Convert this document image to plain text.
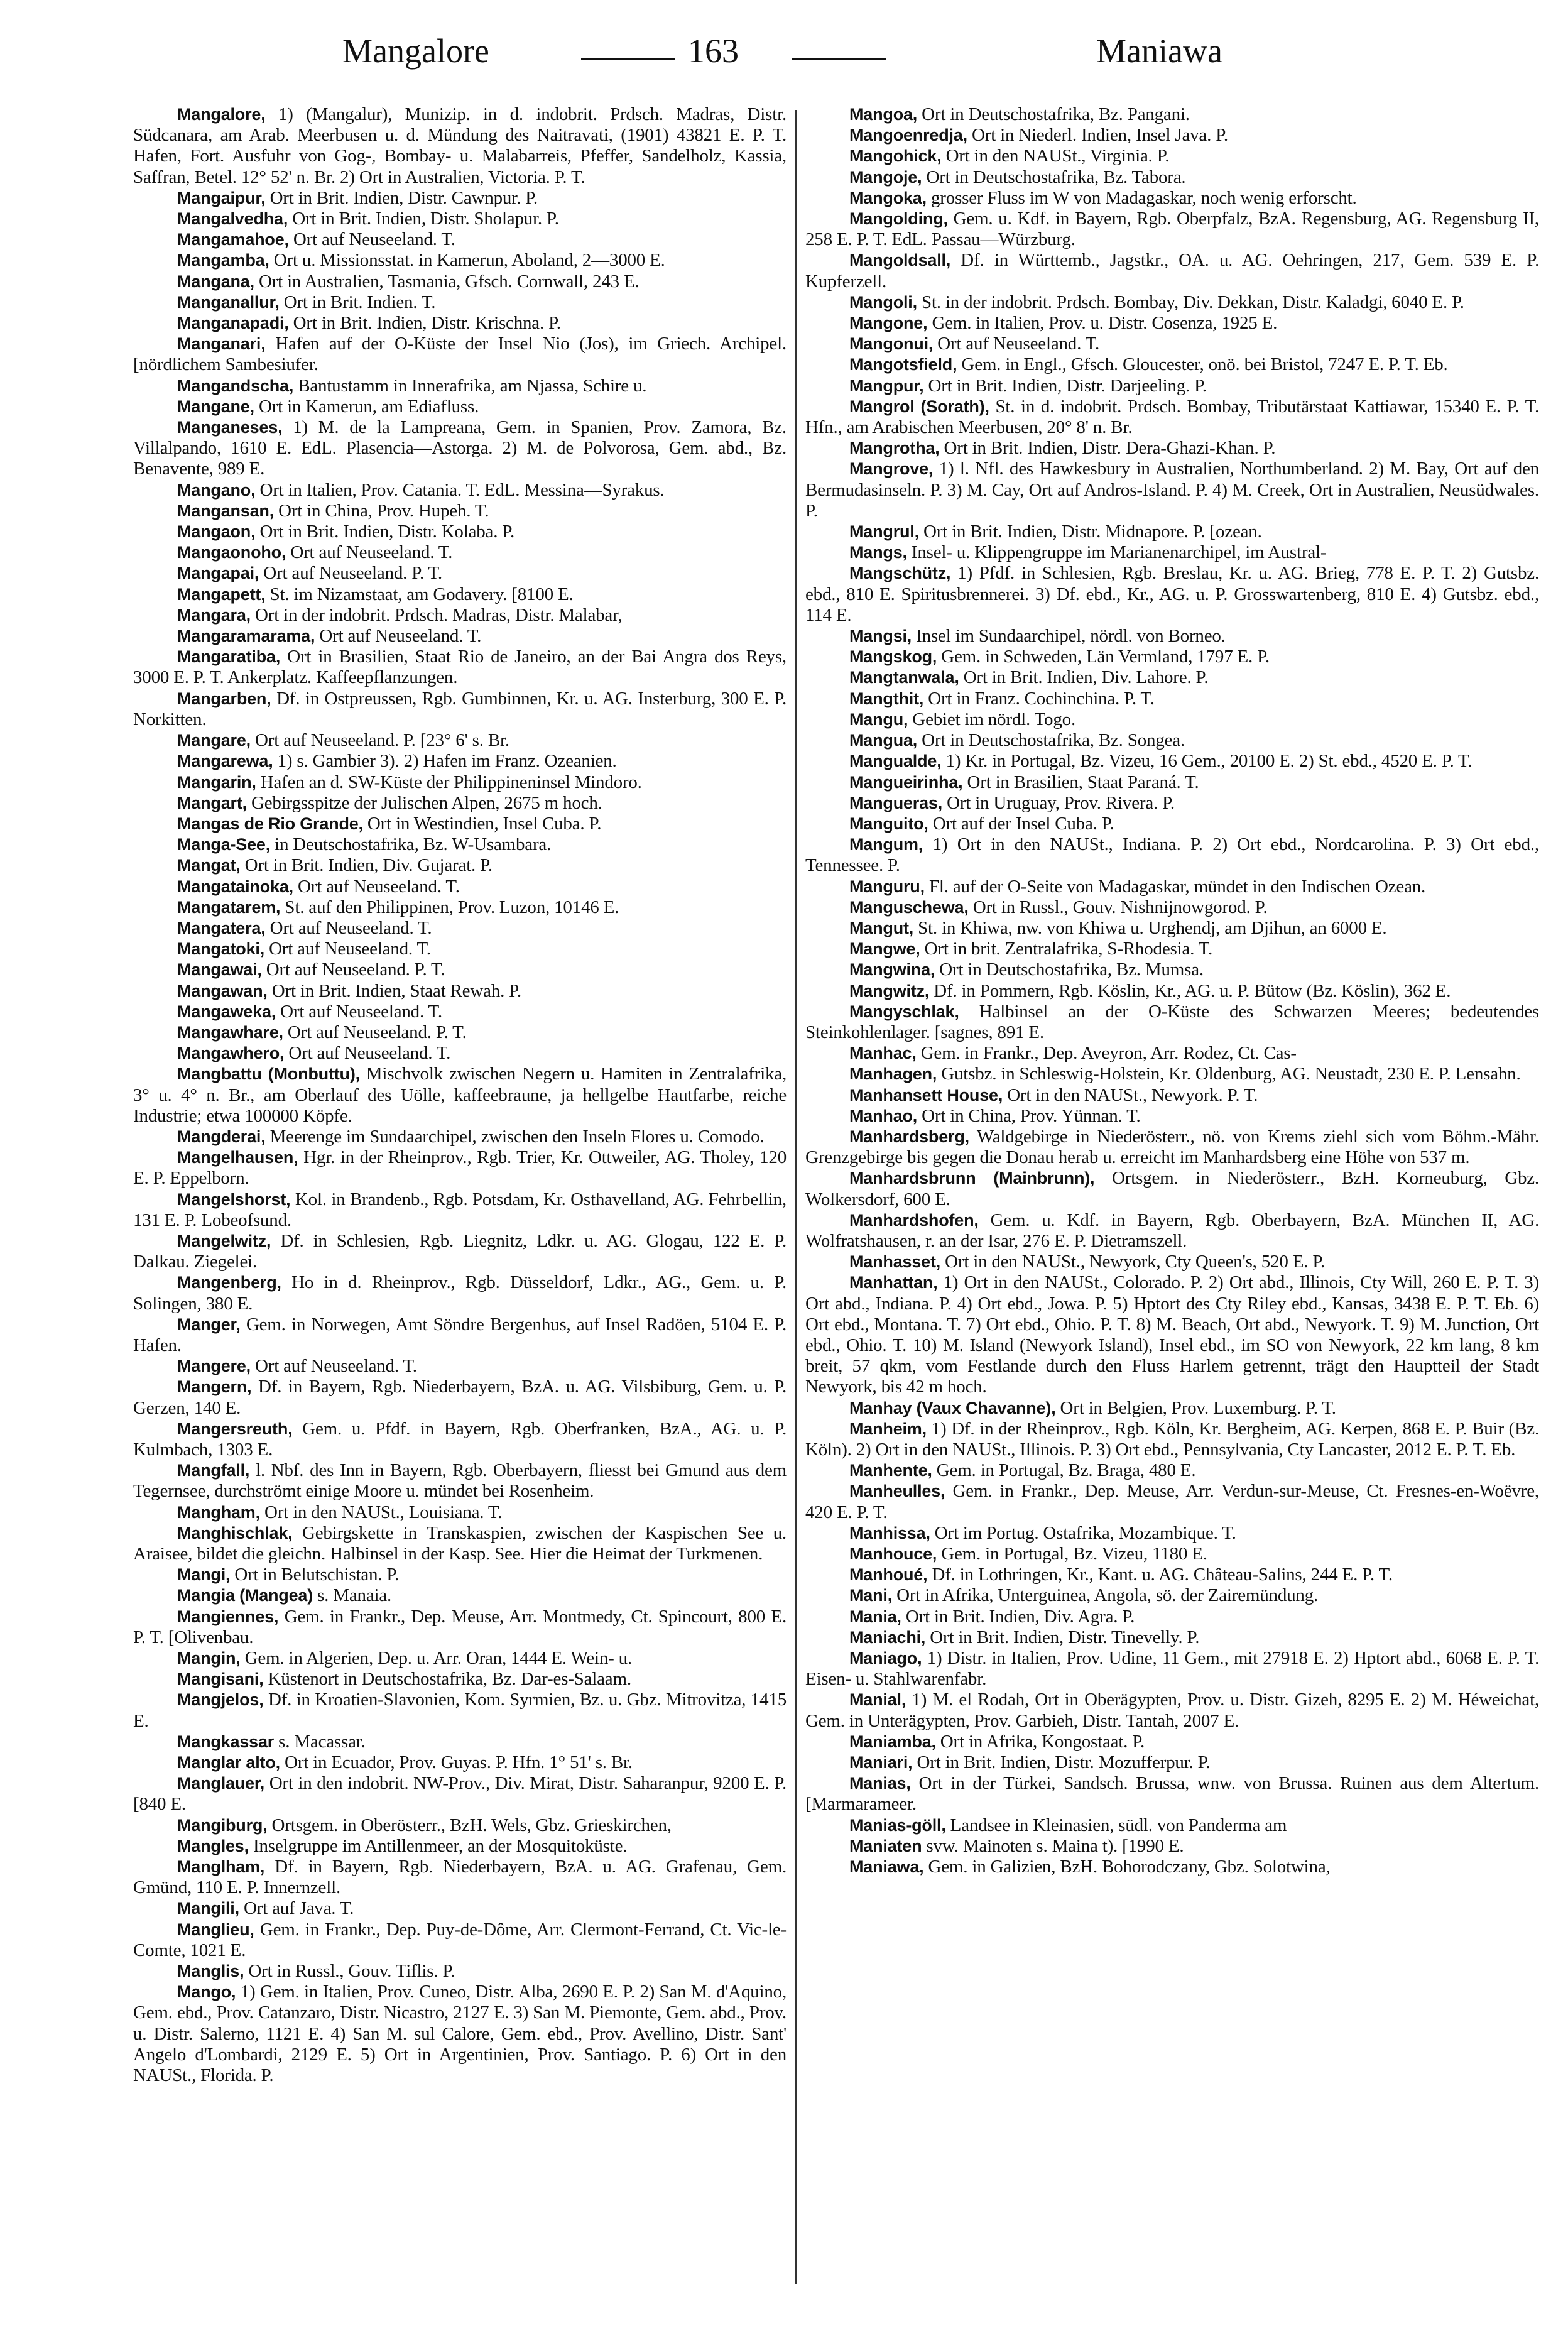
Mangalore	163	Maniawa

Mangalore, 1) (Mangalur), Munizip. in d. indobrit. Prdsch. Madras, Distr. Südcanara, am Arab. Meerbusen u. d. Mündung des Naitravati, (1901) 43821 E. P. T. Hafen, Fort. Ausfuhr von Gog-, Bombay- u. Malabarreis, Pfeffer, Sandelholz, Kassia, Saffran, Betel. 12° 52' n. Br. 2) Ort in Australien, Victoria. P. T.

Mangaipur, Ort in Brit. Indien, Distr. Cawnpur. P.

Mangalvedha, Ort in Brit. Indien, Distr. Sholapur. P.

Mangamahoe, Ort auf Neuseeland. T.

Mangamba, Ort u. Missionsstat. in Kamerun, Aboland, 2—3000 E.

Mangana, Ort in Australien, Tasmania, Gfsch. Cornwall, 243 E.

Manganallur, Ort in Brit. Indien. T.

Manganapadi, Ort in Brit. Indien, Distr. Krischna. P.

Manganari, Hafen auf der O-Küste der Insel Nio (Jos), im Griech. Archipel. [nördlichem Sambesiufer.

Mangandscha, Bantustamm in Innerafrika, am Njassa, Schire u.

Mangane, Ort in Kamerun, am Ediafluss.

Manganeses, 1) M. de la Lampreana, Gem. in Spanien, Prov. Zamora, Bz. Villalpando, 1610 E. EdL. Plasencia—Astorga. 2) M. de Polvorosa, Gem. abd., Bz. Benavente, 989 E.

Mangano, Ort in Italien, Prov. Catania. T. EdL. Messina—Syrakus.

Mangansan, Ort in China, Prov. Hupeh. T.

Mangaon, Ort in Brit. Indien, Distr. Kolaba. P.

Mangaonoho, Ort auf Neuseeland. T.

Mangapai, Ort auf Neuseeland. P. T.

Mangapett, St. im Nizamstaat, am Godavery. [8100 E.

Mangara, Ort in der indobrit. Prdsch. Madras, Distr. Malabar,

Mangaramarama, Ort auf Neuseeland. T.

Mangaratiba, Ort in Brasilien, Staat Rio de Janeiro, an der Bai Angra dos Reys, 3000 E. P. T. Ankerplatz. Kaffeepflanzungen.

Mangarben, Df. in Ostpreussen, Rgb. Gumbinnen, Kr. u. AG. Insterburg, 300 E. P. Norkitten.

Mangare, Ort auf Neuseeland. P. [23° 6' s. Br.

Mangarewa, 1) s. Gambier 3). 2) Hafen im Franz. Ozeanien.

Mangarin, Hafen an d. SW-Küste der Philippineninsel Mindoro.

Mangart, Gebirgsspitze der Julischen Alpen, 2675 m hoch.

Mangas de Rio Grande, Ort in Westindien, Insel Cuba. P.

Manga-See, in Deutschostafrika, Bz. W-Usambara.

Mangat, Ort in Brit. Indien, Div. Gujarat. P.

Mangatainoka, Ort auf Neuseeland. T.

Mangatarem, St. auf den Philippinen, Prov. Luzon, 10146 E.

Mangatera, Ort auf Neuseeland. T.

Mangatoki, Ort auf Neuseeland. T.

Mangawai, Ort auf Neuseeland. P. T.

Mangawan, Ort in Brit. Indien, Staat Rewah. P.

Mangaweka, Ort auf Neuseeland. T.

Mangawhare, Ort auf Neuseeland. P. T.

Mangawhero, Ort auf Neuseeland. T.

Mangbattu (Monbuttu), Mischvolk zwischen Negern u. Hamiten in Zentralafrika, 3° u. 4° n. Br., am Oberlauf des Uölle, kaffeebraune, ja hellgelbe Hautfarbe, reiche Industrie; etwa 100000 Köpfe.

Mangderai, Meerenge im Sundaarchipel, zwischen den Inseln Flores u. Comodo.

Mangelhausen, Hgr. in der Rheinprov., Rgb. Trier, Kr. Ottweiler, AG. Tholey, 120 E. P. Eppelborn.

Mangelshorst, Kol. in Brandenb., Rgb. Potsdam, Kr. Osthavelland, AG. Fehrbellin, 131 E. P. Lobeofsund.

Mangelwitz, Df. in Schlesien, Rgb. Liegnitz, Ldkr. u. AG. Glogau, 122 E. P. Dalkau. Ziegelei.

Mangenberg, Ho in d. Rheinprov., Rgb. Düsseldorf, Ldkr., AG., Gem. u. P. Solingen, 380 E.

Manger, Gem. in Norwegen, Amt Söndre Bergenhus, auf Insel Radöen, 5104 E. P. Hafen.

Mangere, Ort auf Neuseeland. T.

Mangern, Df. in Bayern, Rgb. Niederbayern, BzA. u. AG. Vilsbiburg, Gem. u. P. Gerzen, 140 E.

Mangersreuth, Gem. u. Pfdf. in Bayern, Rgb. Oberfranken, BzA., AG. u. P. Kulmbach, 1303 E.

Mangfall, l. Nbf. des Inn in Bayern, Rgb. Oberbayern, fliesst bei Gmund aus dem Tegernsee, durchströmt einige Moore u. mündet bei Rosenheim.

Mangham, Ort in den NAUSt., Louisiana. T.

Manghischlak, Gebirgskette in Transkaspien, zwischen der Kaspischen See u. Araisee, bildet die gleichn. Halbinsel in der Kasp. See. Hier die Heimat der Turkmenen.

Mangi, Ort in Belutschistan. P.

Mangia (Mangea) s. Manaia.

Mangiennes, Gem. in Frankr., Dep. Meuse, Arr. Montmedy, Ct. Spincourt, 800 E. P. T. [Olivenbau.

Mangin, Gem. in Algerien, Dep. u. Arr. Oran, 1444 E. Wein- u.

Mangisani, Küstenort in Deutschostafrika, Bz. Dar-es-Salaam.

Mangjelos, Df. in Kroatien-Slavonien, Kom. Syrmien, Bz. u. Gbz. Mitrovitza, 1415 E.

Mangkassar s. Macassar.

Manglar alto, Ort in Ecuador, Prov. Guyas. P. Hfn. 1° 51' s. Br.

Manglauer, Ort in den indobrit. NW-Prov., Div. Mirat, Distr. Saharanpur, 9200 E. P. [840 E.

Mangiburg, Ortsgem. in Oberösterr., BzH. Wels, Gbz. Grieskirchen,

Mangles, Inselgruppe im Antillenmeer, an der Mosquitoküste.

Manglham, Df. in Bayern, Rgb. Niederbayern, BzA. u. AG. Grafenau, Gem. Gmünd, 110 E. P. Innernzell.

Mangili, Ort auf Java. T.

Manglieu, Gem. in Frankr., Dep. Puy-de-Dôme, Arr. Clermont-Ferrand, Ct. Vic-le-Comte, 1021 E.

Manglis, Ort in Russl., Gouv. Tiflis. P.

Mango, 1) Gem. in Italien, Prov. Cuneo, Distr. Alba, 2690 E. P. 2) San M. d'Aquino, Gem. ebd., Prov. Catanzaro, Distr. Nicastro, 2127 E. 3) San M. Piemonte, Gem. abd., Prov. u. Distr. Salerno, 1121 E. 4) San M. sul Calore, Gem. ebd., Prov. Avellino, Distr. Sant' Angelo d'Lombardi, 2129 E. 5) Ort in Argentinien, Prov. Santiago. P. 6) Ort in den NAUSt., Florida. P.

Mangoa, Ort in Deutschostafrika, Bz. Pangani.

Mangoenredja, Ort in Niederl. Indien, Insel Java. P.

Mangohick, Ort in den NAUSt., Virginia. P.

Mangoje, Ort in Deutschostafrika, Bz. Tabora.

Mangoka, grosser Fluss im W von Madagaskar, noch wenig erforscht.

Mangolding, Gem. u. Kdf. in Bayern, Rgb. Oberpfalz, BzA. Regensburg, AG. Regensburg II, 258 E. P. T. EdL. Passau—Würzburg.

Mangoldsall, Df. in Württemb., Jagstkr., OA. u. AG. Oehringen, 217, Gem. 539 E. P. Kupferzell.

Mangoli, St. in der indobrit. Prdsch. Bombay, Div. Dekkan, Distr. Kaladgi, 6040 E. P.

Mangone, Gem. in Italien, Prov. u. Distr. Cosenza, 1925 E.

Mangonui, Ort auf Neuseeland. T.

Mangotsfield, Gem. in Engl., Gfsch. Gloucester, onö. bei Bristol, 7247 E. P. T. Eb.

Mangpur, Ort in Brit. Indien, Distr. Darjeeling. P.

Mangrol (Sorath), St. in d. indobrit. Prdsch. Bombay, Tributärstaat Kattiawar, 15340 E. P. T. Hfn., am Arabischen Meerbusen, 20° 8' n. Br.

Mangrotha, Ort in Brit. Indien, Distr. Dera-Ghazi-Khan. P.

Mangrove, 1) l. Nfl. des Hawkesbury in Australien, Northumberland. 2) M. Bay, Ort auf den Bermudasinseln. P. 3) M. Cay, Ort auf Andros-Island. P. 4) M. Creek, Ort in Australien, Neusüdwales. P.

Mangrul, Ort in Brit. Indien, Distr. Midnapore. P. [ozean.

Mangs, Insel- u. Klippengruppe im Marianenarchipel, im Austral-

Mangschütz, 1) Pfdf. in Schlesien, Rgb. Breslau, Kr. u. AG. Brieg, 778 E. P. T. 2) Gutsbz. ebd., 810 E. Spiritusbrennerei. 3) Df. ebd., Kr., AG. u. P. Grosswartenberg, 810 E. 4) Gutsbz. ebd., 114 E.

Mangsi, Insel im Sundaarchipel, nördl. von Borneo.

Mangskog, Gem. in Schweden, Län Vermland, 1797 E. P.

Mangtanwala, Ort in Brit. Indien, Div. Lahore. P.

Mangthit, Ort in Franz. Cochinchina. P. T.

Mangu, Gebiet im nördl. Togo.

Mangua, Ort in Deutschostafrika, Bz. Songea.

Mangualde, 1) Kr. in Portugal, Bz. Vizeu, 16 Gem., 20100 E. 2) St. ebd., 4520 E. P. T.

Mangueirinha, Ort in Brasilien, Staat Paraná. T.

Mangueras, Ort in Uruguay, Prov. Rivera. P.

Manguito, Ort auf der Insel Cuba. P.

Mangum, 1) Ort in den NAUSt., Indiana. P. 2) Ort ebd., Nordcarolina. P. 3) Ort ebd., Tennessee. P.

Manguru, Fl. auf der O-Seite von Madagaskar, mündet in den Indischen Ozean.

Manguschewa, Ort in Russl., Gouv. Nishnijnowgorod. P.

Mangut, St. in Khiwa, nw. von Khiwa u. Urghendj, am Djihun, an 6000 E.

Mangwe, Ort in brit. Zentralafrika, S-Rhodesia. T.

Mangwina, Ort in Deutschostafrika, Bz. Mumsa.

Mangwitz, Df. in Pommern, Rgb. Köslin, Kr., AG. u. P. Bütow (Bz. Köslin), 362 E.

Mangyschlak, Halbinsel an der O-Küste des Schwarzen Meeres; bedeutendes Steinkohlenlager. [sagnes, 891 E.

Manhac, Gem. in Frankr., Dep. Aveyron, Arr. Rodez, Ct. Cas-

Manhagen, Gutsbz. in Schleswig-Holstein, Kr. Oldenburg, AG. Neustadt, 230 E. P. Lensahn.

Manhansett House, Ort in den NAUSt., Newyork. P. T.

Manhao, Ort in China, Prov. Yünnan. T.

Manhardsberg, Waldgebirge in Niederösterr., nö. von Krems ziehl sich vom Böhm.-Mähr. Grenzgebirge bis gegen die Donau herab u. erreicht im Manhardsberg eine Höhe von 537 m.

Manhardsbrunn (Mainbrunn), Ortsgem. in Niederösterr., BzH. Korneuburg, Gbz. Wolkersdorf, 600 E.

Manhardshofen, Gem. u. Kdf. in Bayern, Rgb. Oberbayern, BzA. München II, AG. Wolfratshausen, r. an der Isar, 276 E. P. Dietramszell.

Manhasset, Ort in den NAUSt., Newyork, Cty Queen's, 520 E. P.

Manhattan, 1) Ort in den NAUSt., Colorado. P. 2) Ort abd., Illinois, Cty Will, 260 E. P. T. 3) Ort abd., Indiana. P. 4) Ort ebd., Jowa. P. 5) Hptort des Cty Riley ebd., Kansas, 3438 E. P. T. Eb. 6) Ort ebd., Montana. T. 7) Ort ebd., Ohio. P. T. 8) M. Beach, Ort abd., Newyork. T. 9) M. Junction, Ort ebd., Ohio. T. 10) M. Island (Newyork Island), Insel ebd., im SO von Newyork, 22 km lang, 8 km breit, 57 qkm, vom Festlande durch den Fluss Harlem getrennt, trägt den Hauptteil der Stadt Newyork, bis 42 m hoch.

Manhay (Vaux Chavanne), Ort in Belgien, Prov. Luxemburg. P. T.

Manheim, 1) Df. in der Rheinprov., Rgb. Köln, Kr. Bergheim, AG. Kerpen, 868 E. P. Buir (Bz. Köln). 2) Ort in den NAUSt., Illinois. P. 3) Ort ebd., Pennsylvania, Cty Lancaster, 2012 E. P. T. Eb.

Manhente, Gem. in Portugal, Bz. Braga, 480 E.

Manheulles, Gem. in Frankr., Dep. Meuse, Arr. Verdun-sur-Meuse, Ct. Fresnes-en-Woëvre, 420 E. P. T.

Manhissa, Ort im Portug. Ostafrika, Mozambique. T.

Manhouce, Gem. in Portugal, Bz. Vizeu, 1180 E.

Manhoué, Df. in Lothringen, Kr., Kant. u. AG. Château-Salins, 244 E. P. T.

Mani, Ort in Afrika, Unterguinea, Angola, sö. der Zairemündung.

Mania, Ort in Brit. Indien, Div. Agra. P.

Maniachi, Ort in Brit. Indien, Distr. Tinevelly. P.

Maniago, 1) Distr. in Italien, Prov. Udine, 11 Gem., mit 27918 E. 2) Hptort abd., 6068 E. P. T. Eisen- u. Stahlwarenfabr.

Manial, 1) M. el Rodah, Ort in Oberägypten, Prov. u. Distr. Gizeh, 8295 E. 2) M. Héweichat, Gem. in Unterägypten, Prov. Garbieh, Distr. Tantah, 2007 E.

Maniamba, Ort in Afrika, Kongostaat. P.

Maniari, Ort in Brit. Indien, Distr. Mozufferpur. P.

Manias, Ort in der Türkei, Sandsch. Brussa, wnw. von Brussa. Ruinen aus dem Altertum. [Marmarameer.

Manias-göll, Landsee in Kleinasien, südl. von Panderma am

Maniaten svw. Mainoten s. Maina t). [1990 E.

Maniawa, Gem. in Galizien, BzH. Bohorodczany, Gbz. Solotwina,
